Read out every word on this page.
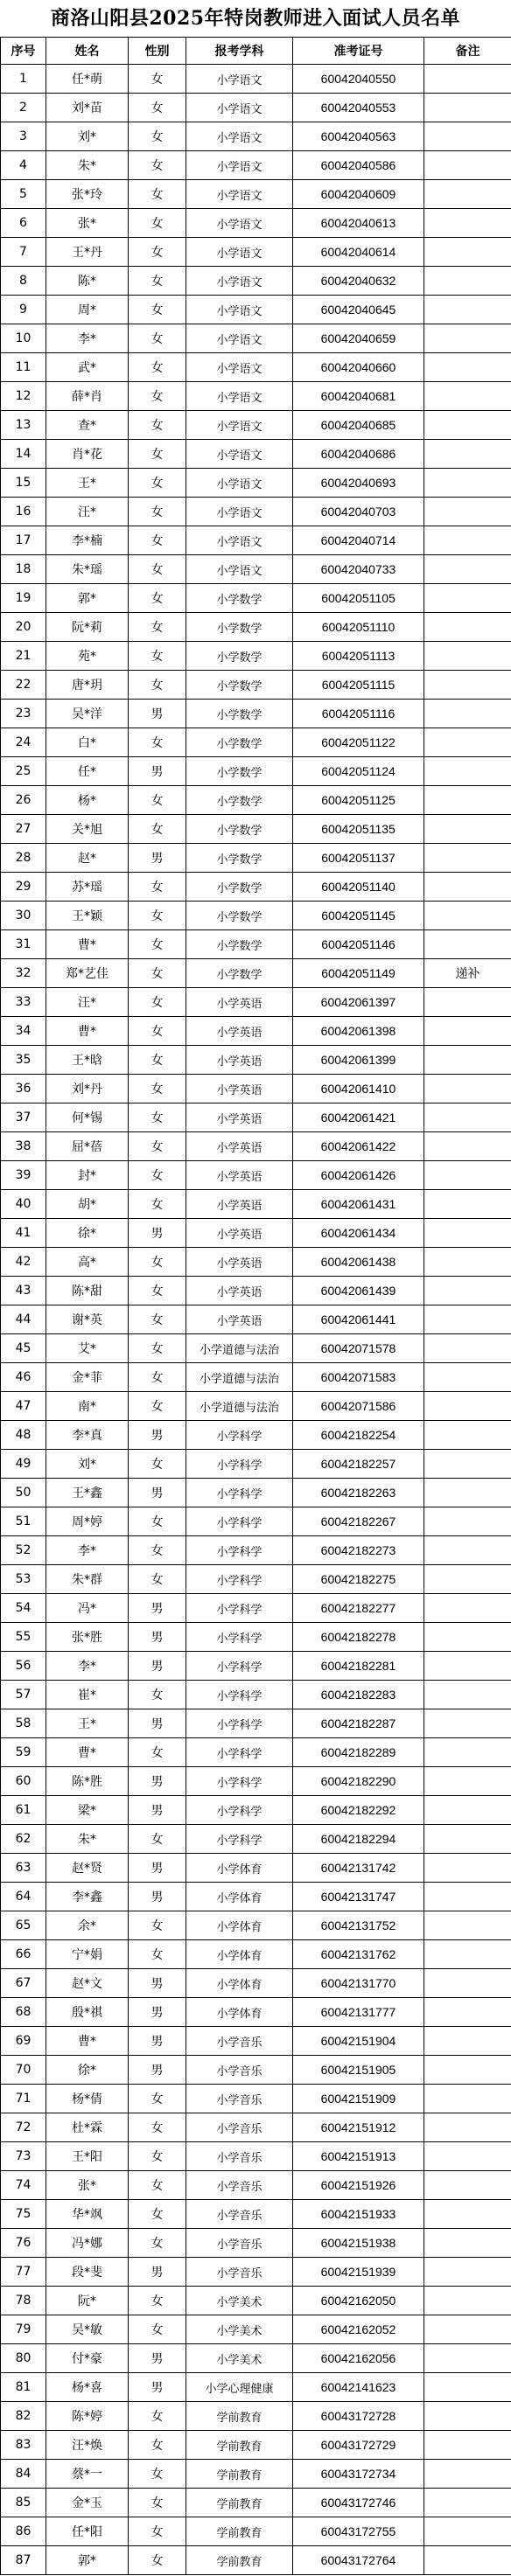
商洛山阳县2025年特岗教师进入面试人员名单
序号	姓名	性别	报考学科	准考证号	备注
1	任*萌	女	小学语文	60042040550	
2	刘*苗	女	小学语文	60042040553	
3	刘*	女	小学语文	60042040563	
4	朱*	女	小学语文	60042040586	
5	张*玲	女	小学语文	60042040609	
6	张*	女	小学语文	60042040613	
7	王*丹	女	小学语文	60042040614	
8	陈*	女	小学语文	60042040632	
9	周*	女	小学语文	60042040645	
10	李*	女	小学语文	60042040659	
11	武*	女	小学语文	60042040660	
12	薛*肖	女	小学语文	60042040681	
13	查*	女	小学语文	60042040685	
14	肖*花	女	小学语文	60042040686	
15	王*	女	小学语文	60042040693	
16	汪*	女	小学语文	60042040703	
17	李*楠	女	小学语文	60042040714	
18	朱*瑶	女	小学语文	60042040733	
19	郭*	女	小学数学	60042051105	
20	阮*莉	女	小学数学	60042051110	
21	苑*	女	小学数学	60042051113	
22	唐*玥	女	小学数学	60042051115	
23	吴*洋	男	小学数学	60042051116	
24	白*	女	小学数学	60042051122	
25	任*	男	小学数学	60042051124	
26	杨*	女	小学数学	60042051125	
27	关*旭	女	小学数学	60042051135	
28	赵*	男	小学数学	60042051137	
29	苏*瑶	女	小学数学	60042051140	
30	王*颖	女	小学数学	60042051145	
31	曹*	女	小学数学	60042051146	
32	郑*艺佳	女	小学数学	60042051149	递补
33	汪*	女	小学英语	60042061397	
34	曹*	女	小学英语	60042061398	
35	王*晗	女	小学英语	60042061399	
36	刘*丹	女	小学英语	60042061410	
37	何*锡	女	小学英语	60042061421	
38	屈*蓓	女	小学英语	60042061422	
39	封*	女	小学英语	60042061426	
40	胡*	女	小学英语	60042061431	
41	徐*	男	小学英语	60042061434	
42	高*	女	小学英语	60042061438	
43	陈*甜	女	小学英语	60042061439	
44	谢*英	女	小学英语	60042061441	
45	艾*	女	小学道德与法治	60042071578	
46	金*菲	女	小学道德与法治	60042071583	
47	南*	女	小学道德与法治	60042071586	
48	李*真	男	小学科学	60042182254	
49	刘*	女	小学科学	60042182257	
50	王*鑫	男	小学科学	60042182263	
51	周*婷	女	小学科学	60042182267	
52	李*	女	小学科学	60042182273	
53	朱*群	女	小学科学	60042182275	
54	冯*	男	小学科学	60042182277	
55	张*胜	男	小学科学	60042182278	
56	李*	男	小学科学	60042182281	
57	崔*	女	小学科学	60042182283	
58	王*	男	小学科学	60042182287	
59	曹*	女	小学科学	60042182289	
60	陈*胜	男	小学科学	60042182290	
61	梁*	男	小学科学	60042182292	
62	朱*	女	小学科学	60042182294	
63	赵*贤	男	小学体育	60042131742	
64	李*鑫	男	小学体育	60042131747	
65	余*	女	小学体育	60042131752	
66	宁*娟	女	小学体育	60042131762	
67	赵*文	男	小学体育	60042131770	
68	殷*祺	男	小学体育	60042131777	
69	曹*	男	小学音乐	60042151904	
70	徐*	男	小学音乐	60042151905	
71	杨*倩	女	小学音乐	60042151909	
72	杜*霖	女	小学音乐	60042151912	
73	王*阳	女	小学音乐	60042151913	
74	张*	女	小学音乐	60042151926	
75	华*飒	女	小学音乐	60042151933	
76	冯*娜	女	小学音乐	60042151938	
77	段*斐	男	小学音乐	60042151939	
78	阮*	女	小学美术	60042162050	
79	吴*敏	女	小学美术	60042162052	
80	付*豪	男	小学美术	60042162056	
81	杨*喜	男	小学心理健康	60042141623	
82	陈*婷	女	学前教育	60043172728	
83	汪*焕	女	学前教育	60043172729	
84	蔡*一	女	学前教育	60043172734	
85	金*玉	女	学前教育	60043172746	
86	任*阳	女	学前教育	60043172755	
87	郭*	女	学前教育	60043172764	
